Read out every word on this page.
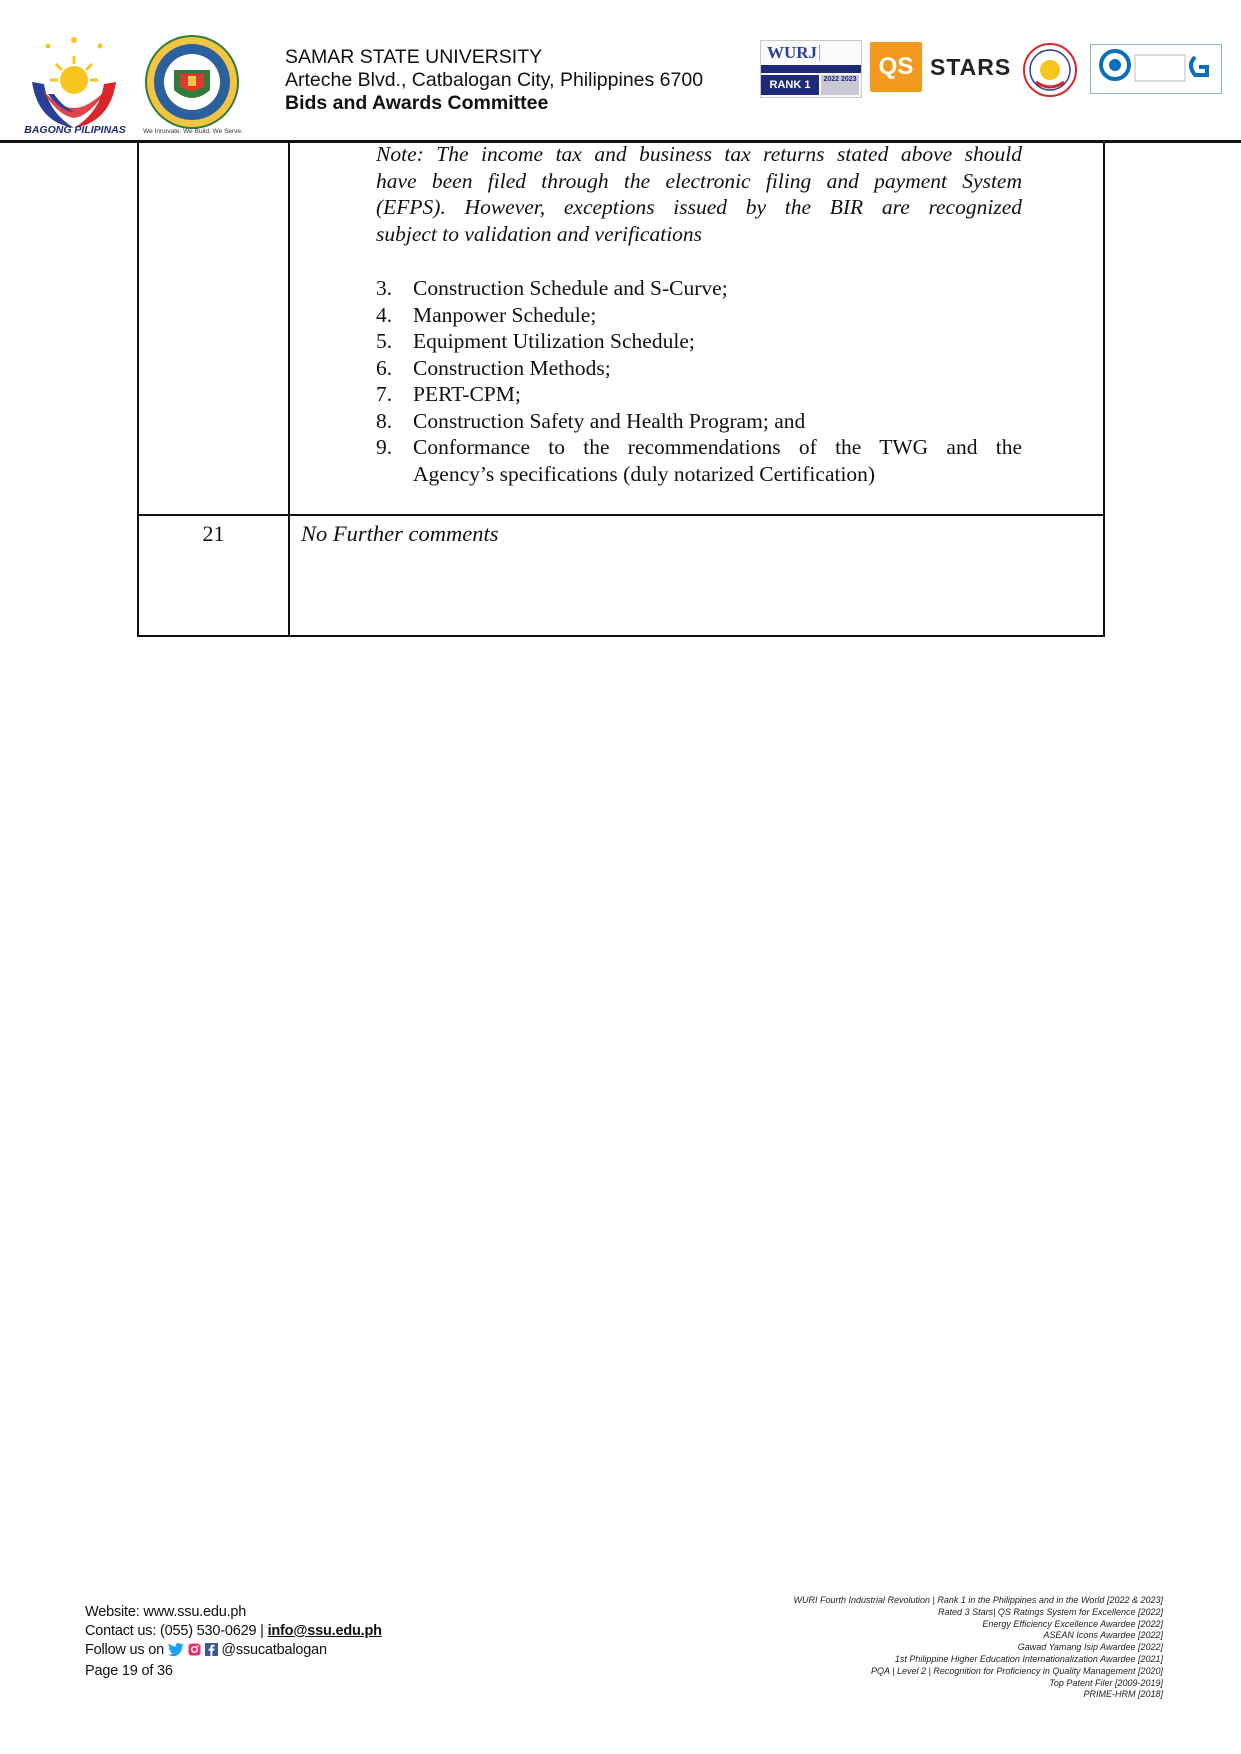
BAGONG PILIPINAS	We Innovate. We Build. We Serve.
SAMAR STATE UNIVERSITY
Arteche Blvd., Catbalogan City, Philippines 6700
Bids and Awards Committee
WURJ
RANK 1	2022 2023 QS STARS
Note: The income tax and business tax returns stated above should
have been filed through the electronic filing and payment System
(EFPS). However, exceptions issued by the BIR are recognized
subject to validation and verifications
3. Construction Schedule and S-Curve;
4. Manpower Schedule;
5. Equipment Utilization Schedule;
6. Construction Methods;
7. PERT-CPM;
8. Construction Safety and Health Program; and
9. Conformance to the recommendations of the TWG and the
Agency’s specifications (duly notarized Certification)
21	No Further comments
Website: www.ssu.edu.ph
Contact us: (055) 530-0629 | info@ssu.edu.ph
Follow us on	@ssucatbalogan
Page 19 of 36
WURI Fourth Industrial Revolution | Rank 1 in the Philippines and in the World [2022 & 2023]
Rated 3 Stars| QS Ratings System for Excellence [2022]
Energy Efficiency Excellence Awardee [2022]
ASEAN Icons Awardee [2022]
Gawad Yamang Isip Awardee [2022]
1st Philippine Higher Education Internationalization Awardee [2021]
PQA | Level 2 | Recognition for Proficiency in Quality Management [2020]
Top Patent Filer [2009-2019]
PRIME-HRM [2018]
